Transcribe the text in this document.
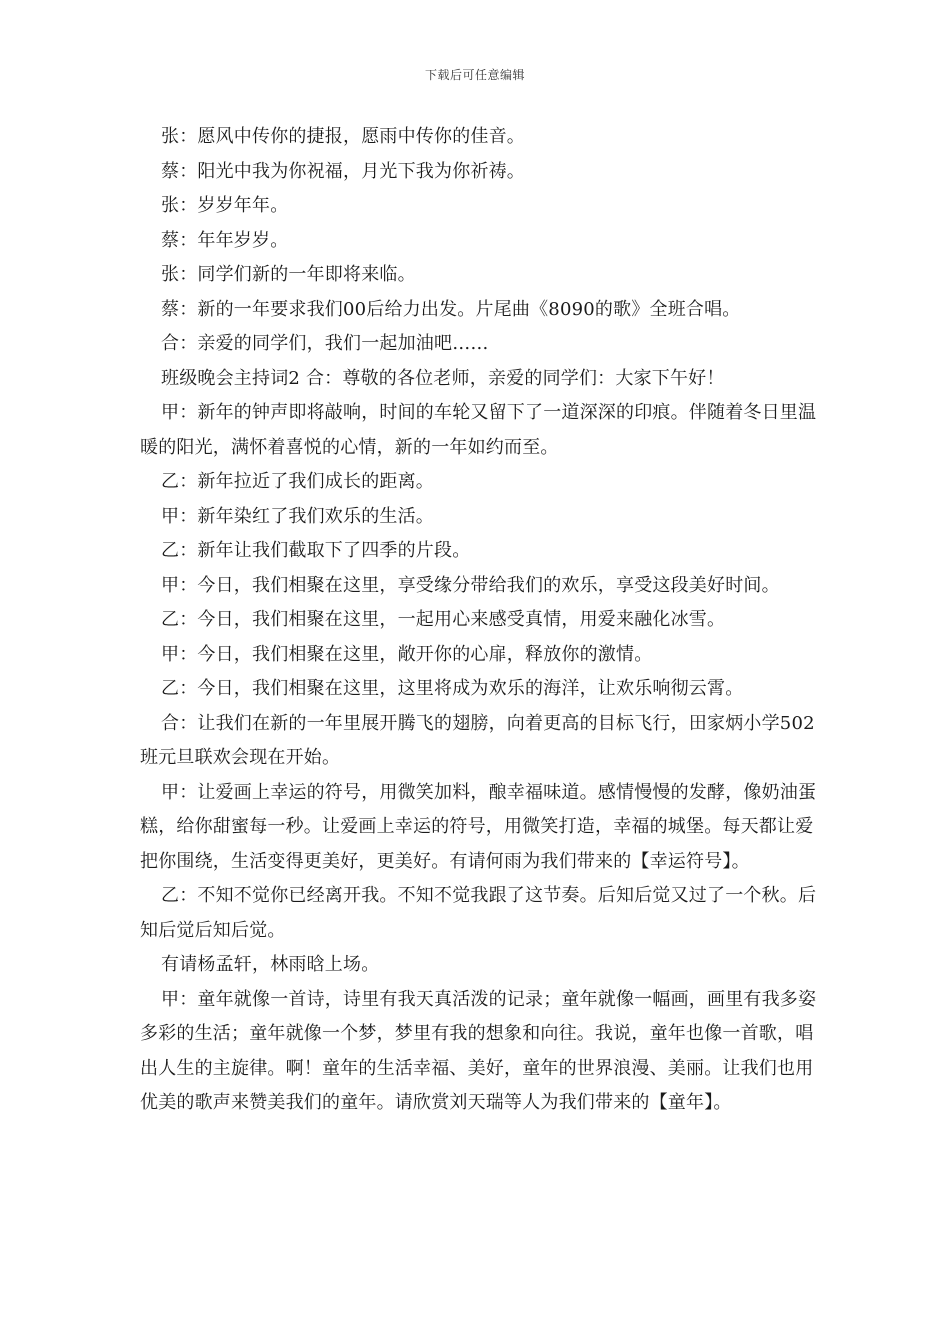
下载后可任意编辑

张：愿风中传你的捷报，愿雨中传你的佳音。

蔡：阳光中我为你祝福，月光下我为你祈祷。

张：岁岁年年。

蔡：年年岁岁。

张：同学们新的一年即将来临。

蔡：新的一年要求我们00后给力出发。片尾曲《8090的歌》全班合唱。

合：亲爱的同学们，我们一起加油吧……

班级晚会主持词2 合：尊敬的各位老师，亲爱的同学们：大家下午好！

甲：新年的钟声即将敲响，时间的车轮又留下了一道深深的印痕。伴随着冬日里温暖的阳光，满怀着喜悦的心情，新的一年如约而至。

乙：新年拉近了我们成长的距离。

甲：新年染红了我们欢乐的生活。

乙：新年让我们截取下了四季的片段。

甲：今日，我们相聚在这里，享受缘分带给我们的欢乐，享受这段美好时间。

乙：今日，我们相聚在这里，一起用心来感受真情，用爱来融化冰雪。

甲：今日，我们相聚在这里，敞开你的心扉，释放你的激情。

乙：今日，我们相聚在这里，这里将成为欢乐的海洋，让欢乐响彻云霄。

合：让我们在新的一年里展开腾飞的翅膀，向着更高的目标飞行，田家炳小学502班元旦联欢会现在开始。

甲：让爱画上幸运的符号，用微笑加料，酿幸福味道。感情慢慢的发酵，像奶油蛋糕，给你甜蜜每一秒。让爱画上幸运的符号，用微笑打造，幸福的城堡。每天都让爱把你围绕，生活变得更美好，更美好。有请何雨为我们带来的【幸运符号】。

乙：不知不觉你已经离开我。不知不觉我跟了这节奏。后知后觉又过了一个秋。后知后觉后知后觉。

有请杨孟轩，林雨晗上场。

甲：童年就像一首诗，诗里有我天真活泼的记录；童年就像一幅画，画里有我多姿多彩的生活；童年就像一个梦，梦里有我的想象和向往。我说，童年也像一首歌，唱出人生的主旋律。啊！童年的生活幸福、美好，童年的世界浪漫、美丽。让我们也用优美的歌声来赞美我们的童年。请欣赏刘天瑞等人为我们带来的【童年】。
